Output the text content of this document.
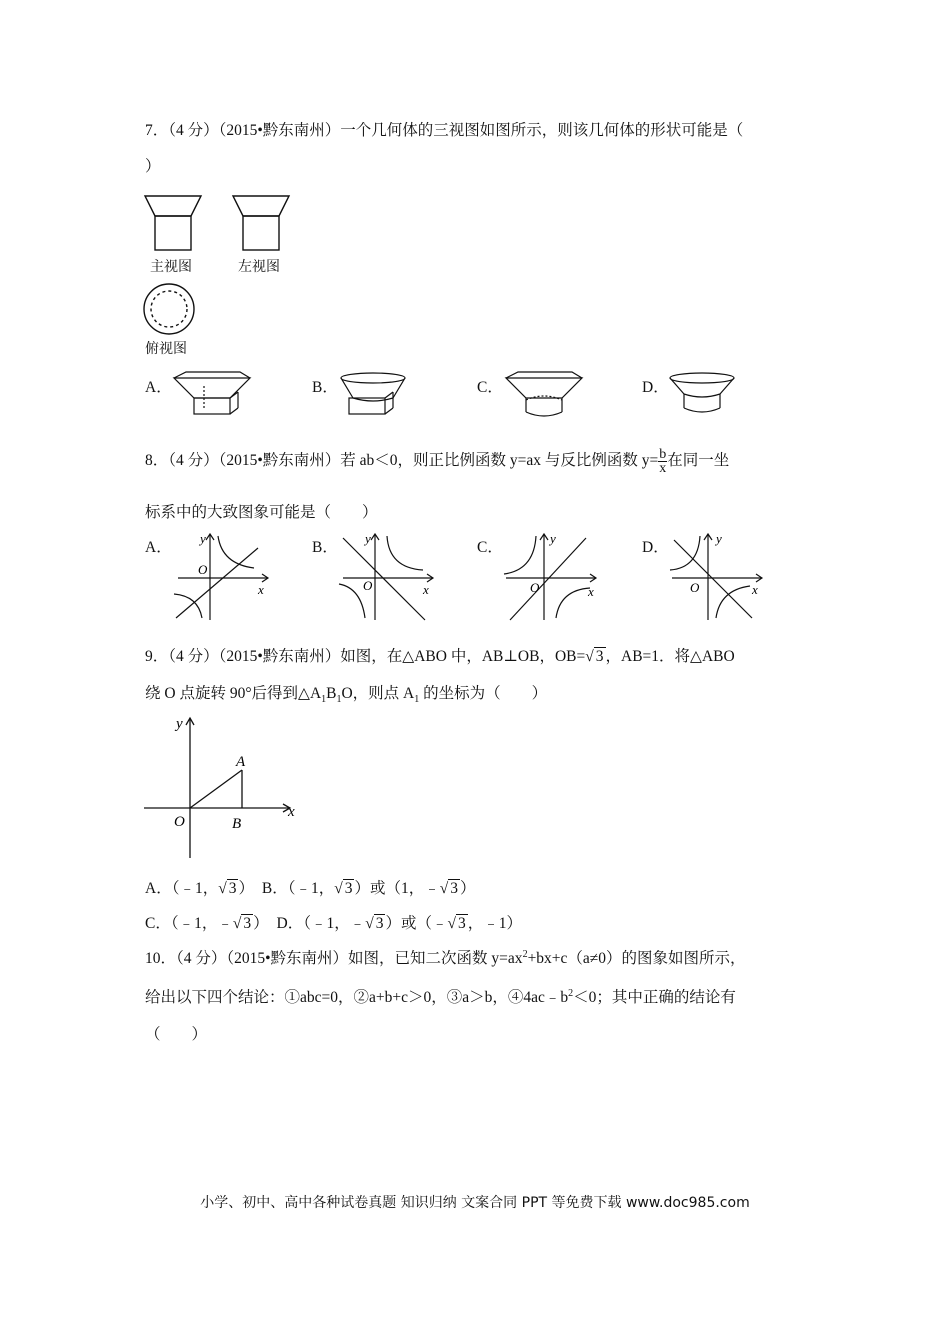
7．（4 分）（2015•黔东南州）一个几何体的三视图如图所示，则该几何体的形状可能是（
）
主视图	左视图
俯视图
A．	B．	C．	D．
8．（4 分）（2015•黔东南州）若 ab＜0，则正比例函数 y=ax 与反比例函数 $y= \frac{b}{x}$ 在同一坐
标系中的大致图象可能是（　　）
A．	B．	C．	D．
y
x
O
y
x
O
y
x
O
y
x
O
9．（4 分）（2015•黔东南州）如图，在△ABO 中，AB⊥OB，OB=√ 3 ，AB=1．将△ABO
绕 O 点旋转 90°后得到$\triangle A_1B_1O$，则点 $A_1$ 的坐标为（　　）
y
x
A
O	B
A．（﹣1，√ 3 ） B．（﹣1，√ 3 ）或（1，﹣√ 3 ）
C．（﹣1，﹣√ 3 ） D．（﹣1，﹣√ 3 ）或（﹣√ 3 ，﹣1）
10．（4 分）（2015•黔东南州）如图，已知二次函数 $y=ax^2+bx+c(a\ne 0)$的图象如图所示，
给出以下四个结论：①abc=0，②a+b+c＞0，③a＞b，$④4ac﹣b^2<0$；其中正确的结论有
（　　）
小学、初中、高中各种试卷真题 知识归纳 文案合同 PPT 等免费下载 www.doc985.com
